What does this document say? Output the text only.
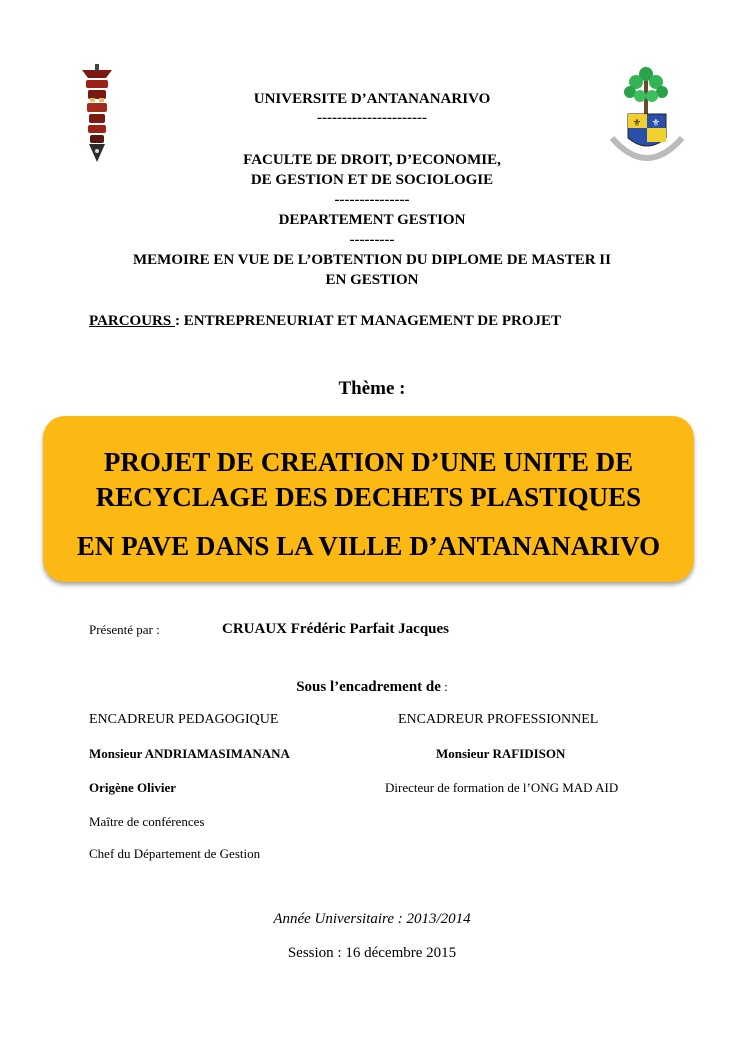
⚜ ⚜
UNIVERSITE D’ANTANANARIVO
----------------------
FACULTE DE DROIT, D’ECONOMIE,
DE GESTION ET DE SOCIOLOGIE
---------------
DEPARTEMENT GESTION
---------
MEMOIRE EN VUE DE L’OBTENTION DU DIPLOME DE MASTER II
EN GESTION
PARCOURS : ENTREPRENEURIAT ET MANAGEMENT DE PROJET
Thème :
PROJET DE CREATION D’UNE UNITE DE
RECYCLAGE DES DECHETS PLASTIQUES
EN PAVE DANS LA VILLE D’ANTANANARIVO
Présenté par :	CRUAUX Frédéric Parfait Jacques
Sous l’encadrement de :
ENCADREUR PEDAGOGIQUE
Monsieur ANDRIAMASIMANANA
Origène Olivier
Maître de conférences
Chef du Département de Gestion
ENCADREUR PROFESSIONNEL
Monsieur RAFIDISON
Directeur de formation de l’ONG MAD AID
Année Universitaire : 2013/2014
Session : 16 décembre 2015
